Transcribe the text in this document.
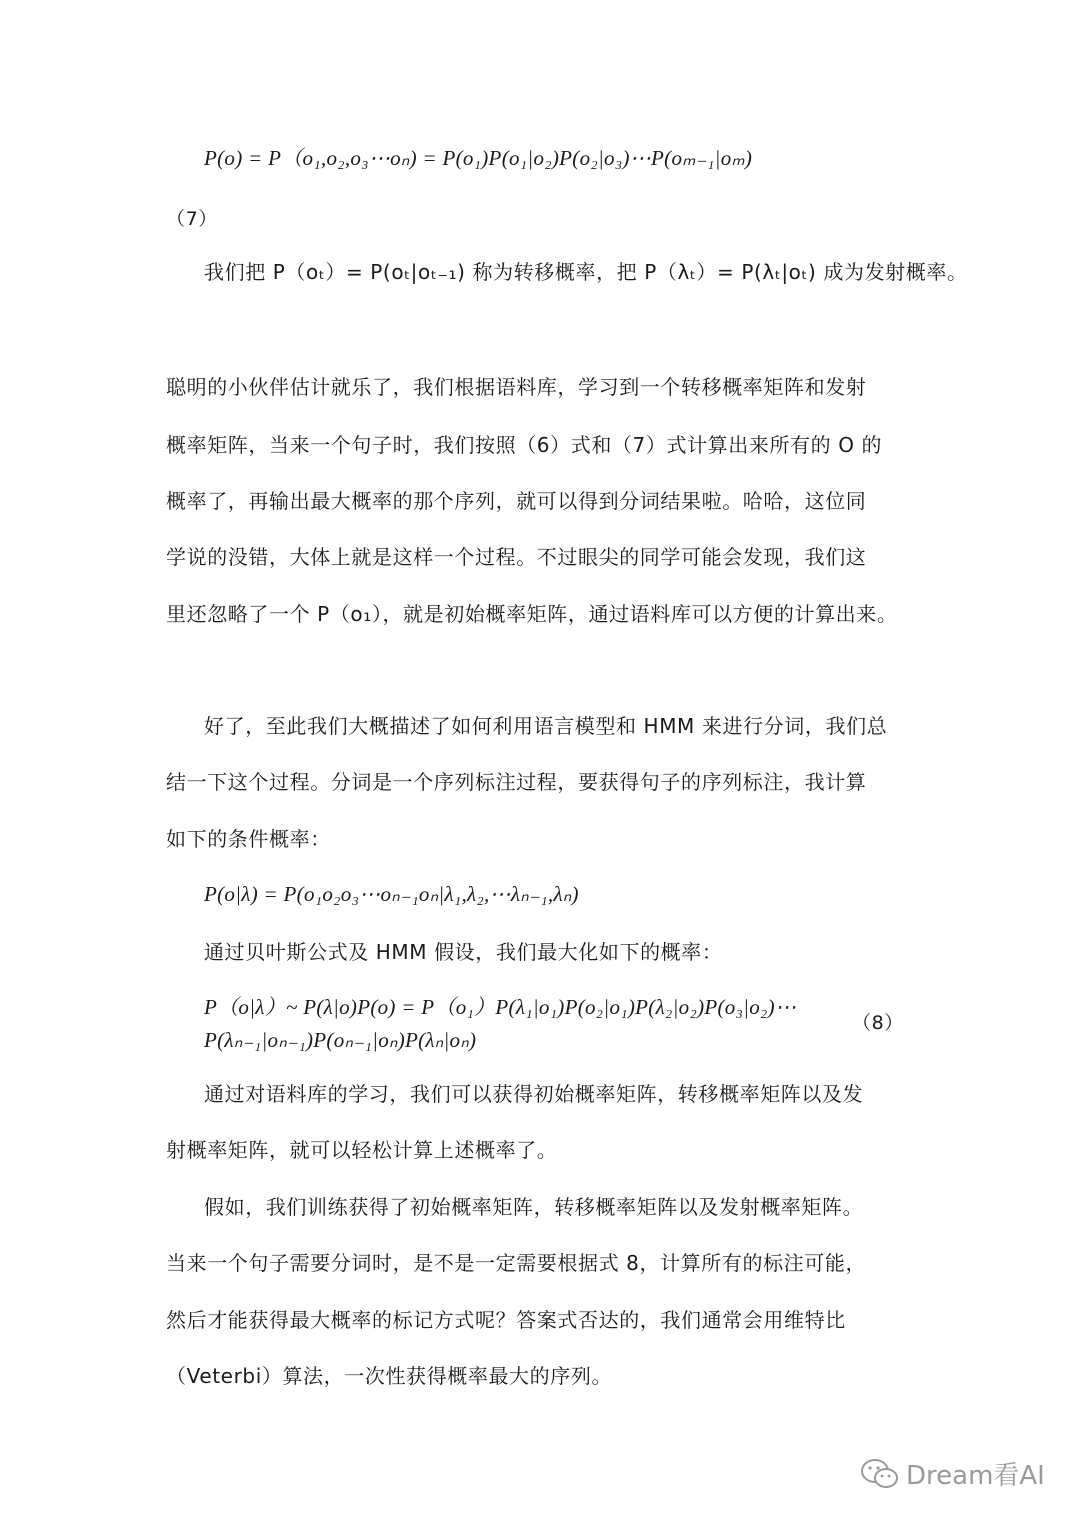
P(o) = P（o₁,o₂,o₃⋯oₙ) = P(o₁)P(o₁|o₂)P(o₂|o₃)⋯P(oₘ₋₁|oₘ)
（7）
我们把 P（oₜ）= P(oₜ|oₜ₋₁) 称为转移概率，把 P（λₜ）= P(λₜ|oₜ) 成为发射概率。
聪明的小伙伴估计就乐了，我们根据语料库，学习到一个转移概率矩阵和发射
概率矩阵，当来一个句子时，我们按照（6）式和（7）式计算出来所有的 O 的
概率了，再输出最大概率的那个序列，就可以得到分词结果啦。哈哈，这位同
学说的没错，大体上就是这样一个过程。不过眼尖的同学可能会发现，我们这
里还忽略了一个 P（o₁），就是初始概率矩阵，通过语料库可以方便的计算出来。
好了，至此我们大概描述了如何利用语言模型和 HMM 来进行分词，我们总
结一下这个过程。分词是一个序列标注过程，要获得句子的序列标注，我计算
如下的条件概率：
P(o|λ) = P(o₁o₂o₃⋯oₙ₋₁oₙ|λ₁,λ₂,⋯λₙ₋₁,λₙ)
通过贝叶斯公式及 HMM 假设，我们最大化如下的概率：
P（o|λ）~ P(λ|o)P(o) = P（o₁）P(λ₁|o₁)P(o₂|o₁)P(λ₂|o₂)P(o₃|o₂)⋯
P(λₙ₋₁|oₙ₋₁)P(oₙ₋₁|oₙ)P(λₙ|oₙ)
（8）
通过对语料库的学习，我们可以获得初始概率矩阵，转移概率矩阵以及发
射概率矩阵，就可以轻松计算上述概率了。
假如，我们训练获得了初始概率矩阵，转移概率矩阵以及发射概率矩阵。
当来一个句子需要分词时，是不是一定需要根据式 8，计算所有的标注可能，
然后才能获得最大概率的标记方式呢？答案式否达的，我们通常会用维特比
（Veterbi）算法，一次性获得概率最大的序列。
Dream看AI
